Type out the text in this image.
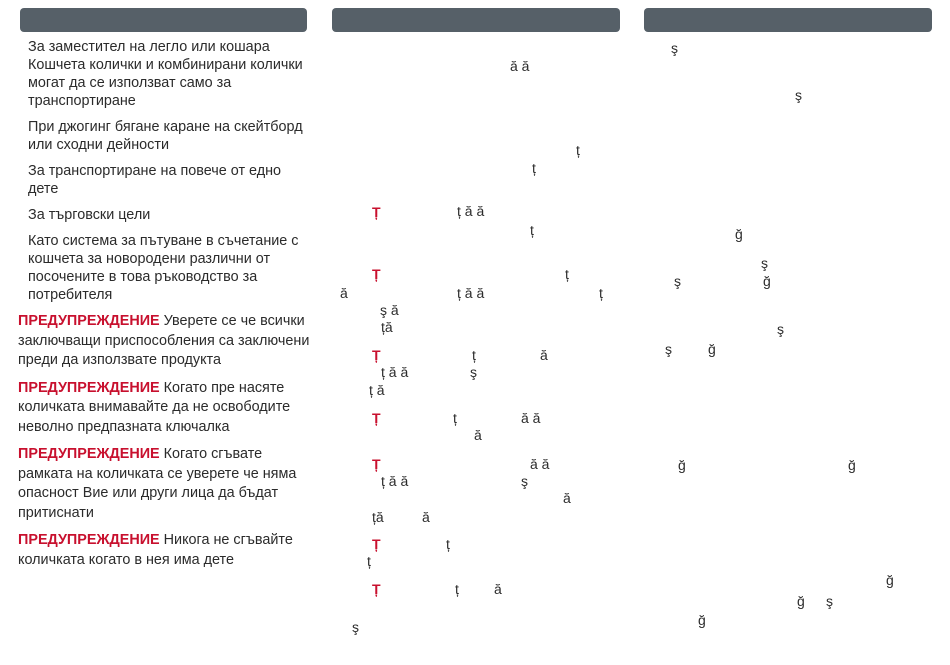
За заместител на легло или кошара Кошчета колички и комбинирани колички могат да се използват само за транспортиране
При джогинг бягане каране на скейтборд или сходни дейности
За транспортиране на повече от едно дете
За търговски цели
Като система за пътуване в съчетание с кошчета за новородени различни от посочените в това ръководство за потребителя
ПРЕДУПРЕЖДЕНИЕ Уверете се че всички заключващи приспособления са заключени преди да използвате продукта
ПРЕДУПРЕЖДЕНИЕ Когато пре насяте количката внимавайте да не освободите неволно предпазната ключалка
ПРЕДУПРЕЖДЕНИЕ Когато сгъвате рамката на количката се уверете че няма опасност Вие или други лица да бъдат притиснати
ПРЕДУПРЕЖДЕНИЕ Никога не сгъвайте количката когато в нея има дете
ă ă
ț
ț
Ț	ț ă ă
ț
Ț	ț
ă	ț ă ă	ț
ş ă
ță
Ț	ț	ă
ț ă ă	ş
ț ă
Ț	ț	ă ă
ă
Ț	ă ă
ț ă ă	ş
ă
ță	ă
Ț	ț
ț
Ț	ț	ă
ş
ş
ş
ğ
ş
ş	ğ
ş
ş	ğ
ğ	ğ
ğ
ğ ş
ğ
